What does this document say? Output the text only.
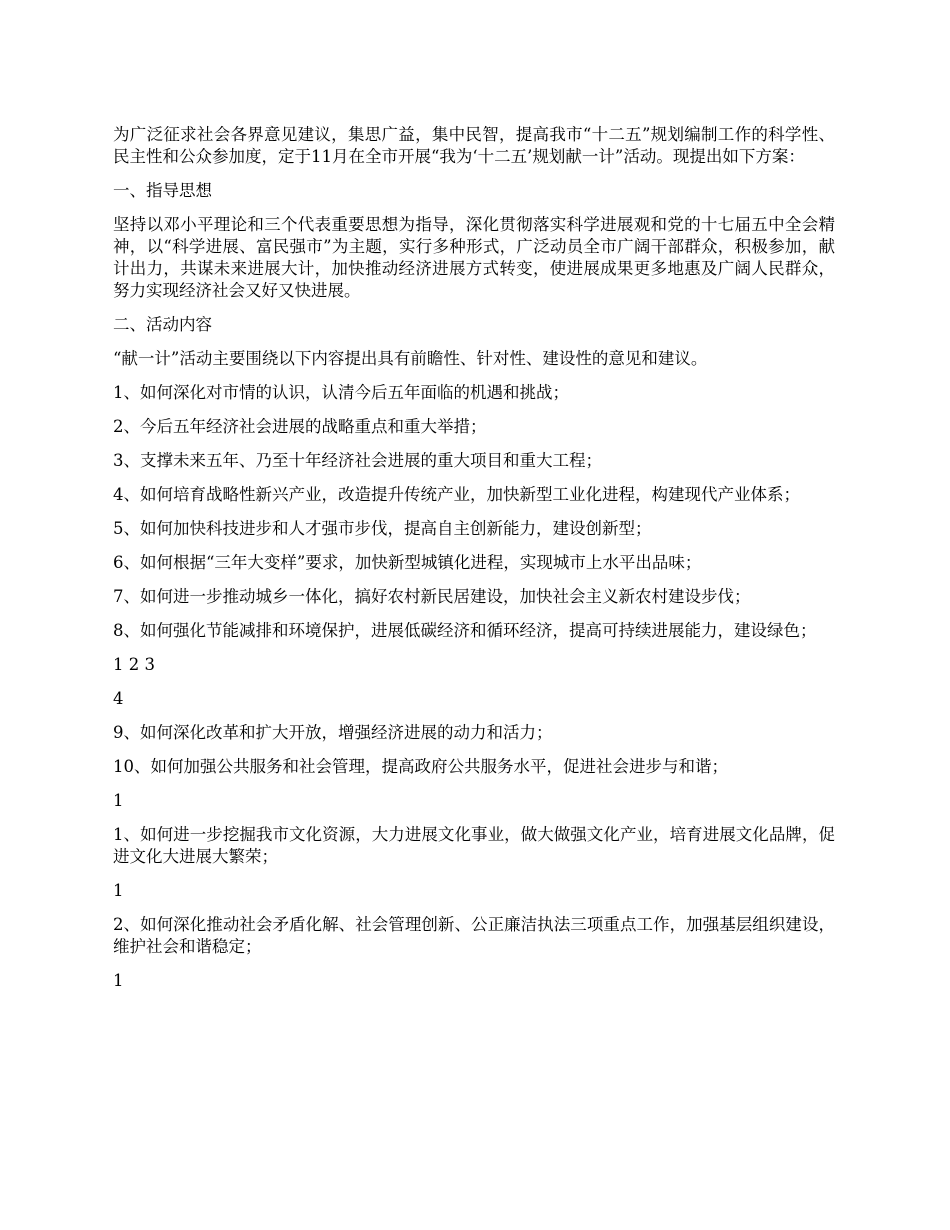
为广泛征求社会各界意见建议，集思广益，集中民智，提高我市“十二五”规划编制工作的科学性、民主性和公众参加度，定于11月在全市开展“我为‘十二五’规划献一计”活动。现提出如下方案：

一、指导思想

坚持以邓小平理论和三个代表重要思想为指导，深化贯彻落实科学进展观和党的十七届五中全会精神，以“科学进展、富民强市”为主题，实行多种形式，广泛动员全市广阔干部群众，积极参加，献计出力，共谋未来进展大计，加快推动经济进展方式转变，使进展成果更多地惠及广阔人民群众，努力实现经济社会又好又快进展。

二、活动内容

“献一计”活动主要围绕以下内容提出具有前瞻性、针对性、建设性的意见和建议。

1、如何深化对市情的认识，认清今后五年面临的机遇和挑战；

2、今后五年经济社会进展的战略重点和重大举措；

3、支撑未来五年、乃至十年经济社会进展的重大项目和重大工程；

4、如何培育战略性新兴产业，改造提升传统产业，加快新型工业化进程，构建现代产业体系；

5、如何加快科技进步和人才强市步伐，提高自主创新能力，建设创新型；

6、如何根据“三年大变样”要求，加快新型城镇化进程，实现城市上水平出品味；

7、如何进一步推动城乡一体化，搞好农村新民居建设，加快社会主义新农村建设步伐；

8、如何强化节能减排和环境保护，进展低碳经济和循环经济，提高可持续进展能力，建设绿色；

1 2 3

4

9、如何深化改革和扩大开放，增强经济进展的动力和活力；

10、如何加强公共服务和社会管理，提高政府公共服务水平，促进社会进步与和谐；

1

1、如何进一步挖掘我市文化资源，大力进展文化事业，做大做强文化产业，培育进展文化品牌，促进文化大进展大繁荣；

1

2、如何深化推动社会矛盾化解、社会管理创新、公正廉洁执法三项重点工作，加强基层组织建设，维护社会和谐稳定；

1
